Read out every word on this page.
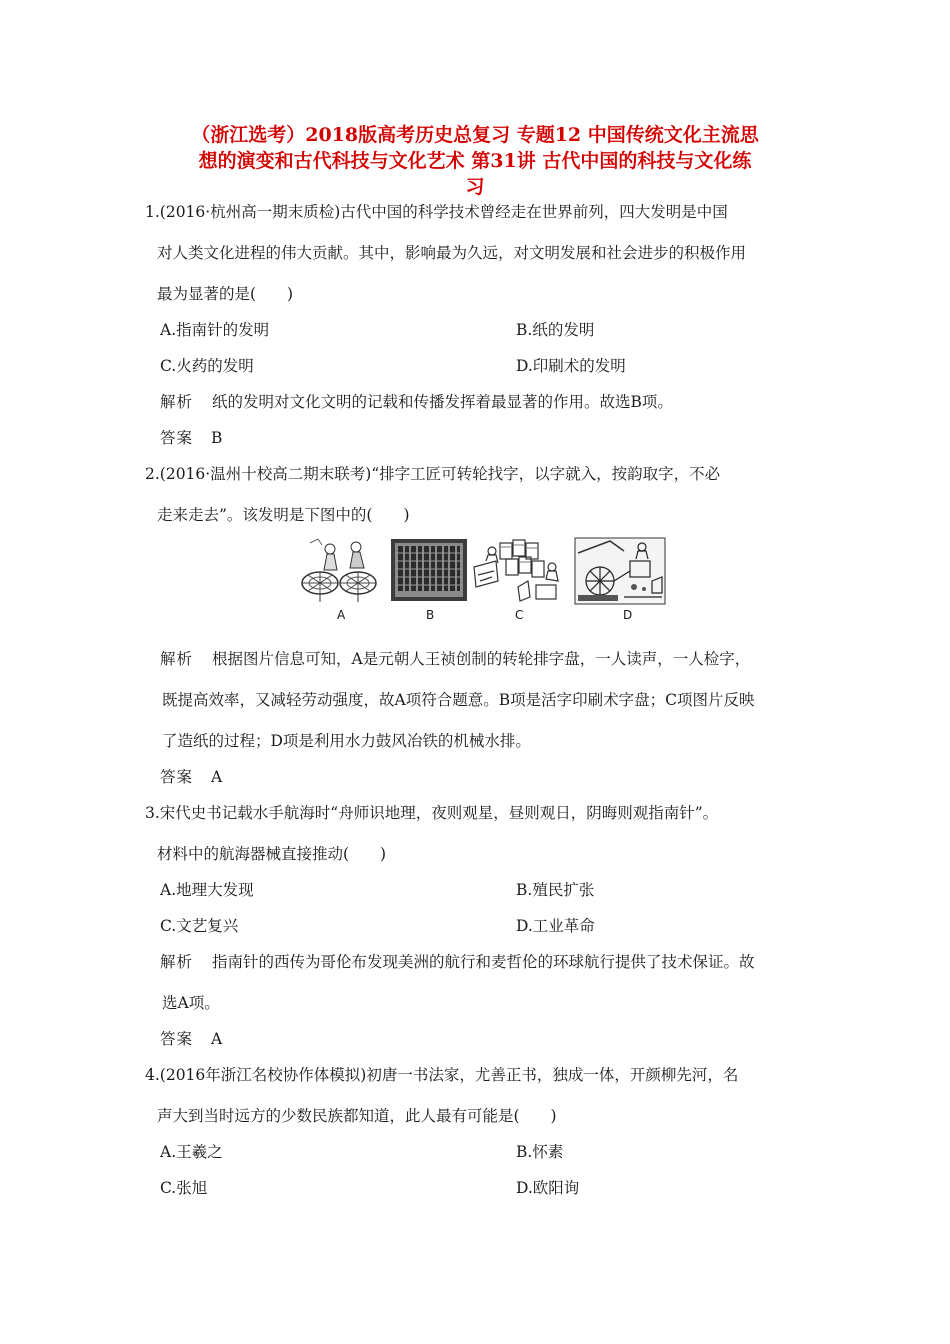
（浙江选考）2018版高考历史总复习 专题12 中国传统文化主流思
想的演变和古代科技与文化艺术 第31讲 古代中国的科技与文化练
习
1.(2016·杭州高一期末质检)古代中国的科学技术曾经走在世界前列，四大发明是中国
对人类文化进程的伟大贡献。其中，影响最为久远，对文明发展和社会进步的积极作用
最为显著的是(　　)
A.指南针的发明	B.纸的发明
C.火药的发明	D.印刷术的发明
解析 纸的发明对文化文明的记载和传播发挥着最显著的作用。故选B项。
答案 B
2.(2016·温州十校高二期末联考)“排字工匠可转轮找字，以字就入，按韵取字，不必
走来走去”。该发明是下图中的(　　)
A	B	C	D
解析 根据图片信息可知，A是元朝人王祯创制的转轮排字盘，一人读声，一人检字，
既提高效率，又减轻劳动强度，故A项符合题意。B项是活字印刷术字盘；C项图片反映
了造纸的过程；D项是利用水力鼓风冶铁的机械水排。
答案 A
3.宋代史书记载水手航海时“舟师识地理，夜则观星，昼则观日，阴晦则观指南针”。
材料中的航海器械直接推动(　　)
A.地理大发现	B.殖民扩张
C.文艺复兴	D.工业革命
解析 指南针的西传为哥伦布发现美洲的航行和麦哲伦的环球航行提供了技术保证。故
选A项。
答案 A
4.(2016年浙江名校协作体模拟)初唐一书法家，尤善正书，独成一体，开颜柳先河，名
声大到当时远方的少数民族都知道，此人最有可能是(　　)
A.王羲之	B.怀素
C.张旭	D.欧阳询
